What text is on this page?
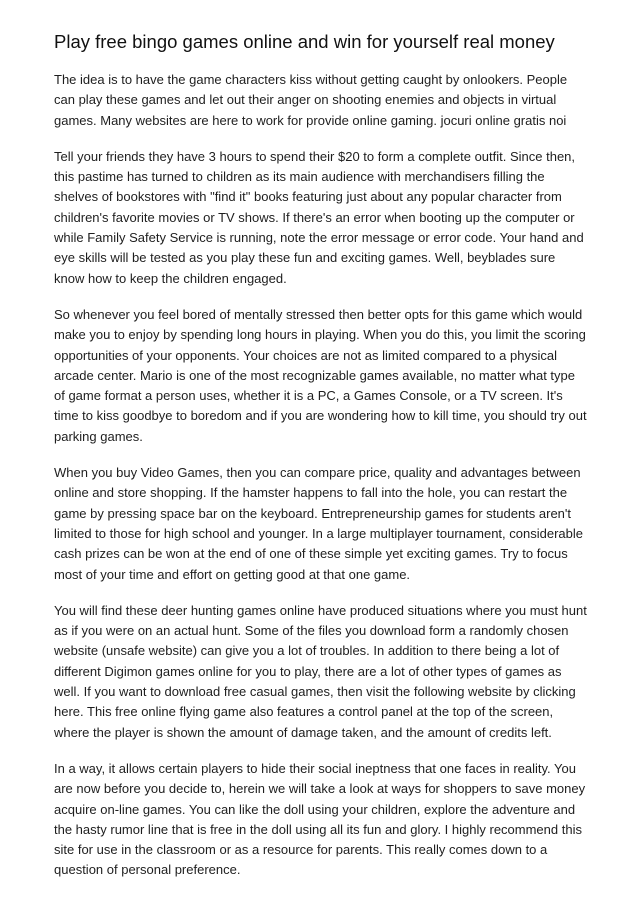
Play free bingo games online and win for yourself real money

The idea is to have the game characters kiss without getting caught by onlookers. People can play these games and let out their anger on shooting enemies and objects in virtual games. Many websites are here to work for provide online gaming. jocuri online gratis noi

Tell your friends they have 3 hours to spend their $20 to form a complete outfit. Since then, this pastime has turned to children as its main audience with merchandisers filling the shelves of bookstores with "find it" books featuring just about any popular character from children's favorite movies or TV shows. If there's an error when booting up the computer or while Family Safety Service is running, note the error message or error code. Your hand and eye skills will be tested as you play these fun and exciting games. Well, beyblades sure know how to keep the children engaged.

So whenever you feel bored of mentally stressed then better opts for this game which would make you to enjoy by spending long hours in playing. When you do this, you limit the scoring opportunities of your opponents. Your choices are not as limited compared to a physical arcade center. Mario is one of the most recognizable games available, no matter what type of game format a person uses, whether it is a PC, a Games Console, or a TV screen. It's time to kiss goodbye to boredom and if you are wondering how to kill time, you should try out parking games.

When you buy Video Games, then you can compare price, quality and advantages between online and store shopping. If the hamster happens to fall into the hole, you can restart the game by pressing space bar on the keyboard. Entrepreneurship games for students aren't limited to those for high school and younger. In a large multiplayer tournament, considerable cash prizes can be won at the end of one of these simple yet exciting games. Try to focus most of your time and effort on getting good at that one game.

You will find these deer hunting games online have produced situations where you must hunt as if you were on an actual hunt. Some of the files you download form a randomly chosen website (unsafe website) can give you a lot of troubles. In addition to there being a lot of different Digimon games online for you to play, there are a lot of other types of games as well. If you want to download free casual games, then visit the following website by clicking here. This free online flying game also features a control panel at the top of the screen, where the player is shown the amount of damage taken, and the amount of credits left.

In a way, it allows certain players to hide their social ineptness that one faces in reality. You are now before you decide to, herein we will take a look at ways for shoppers to save money acquire on-line games. You can like the doll using your children, explore the adventure and the hasty rumor line that is free in the doll using all its fun and glory. I highly recommend this site for use in the classroom or as a resource for parents. This really comes down to a question of personal preference.
